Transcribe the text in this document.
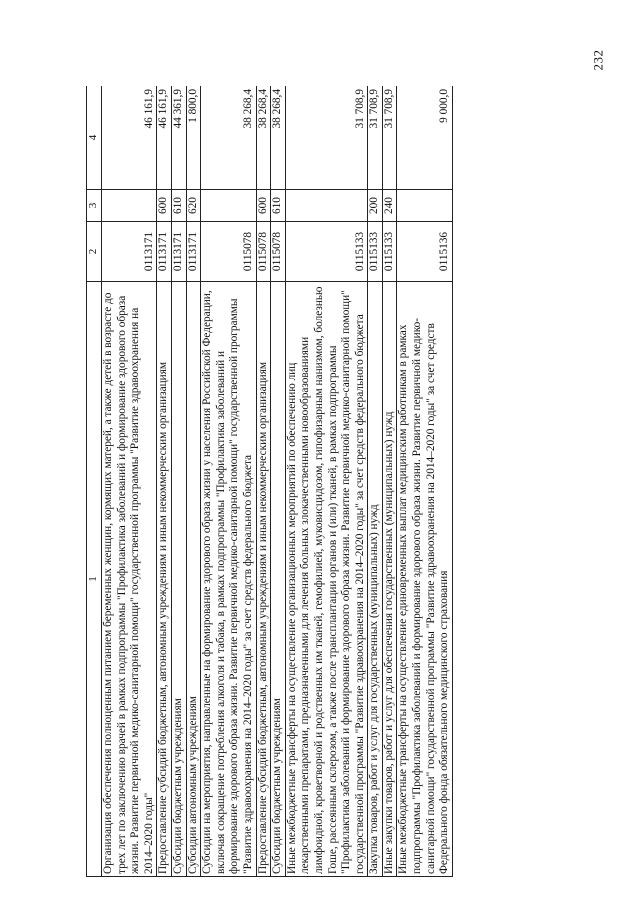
232
1	2	3	4
Организация обеспечения полноценным питанием беременных женщин, кормящих матерей, а также детей в возрасте до трех лет по заключению врачей в рамках подпрограммы "Профилактика заболеваний и формирование здорового образа жизни. Развитие первичной медико-санитарной помощи" государственной программы "Развитие здравоохранения на 2014–2020 годы"	0113171		46 161,9
Предоставление субсидий бюджетным, автономным учреждениям и иным некоммерческим организациям	0113171	600	46 161,9
Субсидии бюджетным учреждениям	0113171	610	44 361,9
Субсидии автономным учреждениям	0113171	620	1 800,0
Субсидии на мероприятия, направленные на формирование здорового образа жизни у населения Российской Федерации, включая сокращение потребления алкоголя и табака, в рамках подпрограммы "Профилактика заболеваний и формирование здорового образа жизни. Развитие первичной медико-санитарной помощи" государственной программы "Развитие здравоохранения на 2014–2020 годы" за счет средств федерального бюджета	0115078		38 268,4
Предоставление субсидий бюджетным, автономным учреждениям и иным некоммерческим организациям	0115078	600	38 268,4
Субсидии бюджетным учреждениям	0115078	610	38 268,4
Иные межбюджетные трансферты на осуществление организационных мероприятий по обеспечению лиц лекарственными препаратами, предназначенными для лечения больных злокачественными новообразованиями лимфоидной, кроветворной и родственных им тканей, гемофилией, муковисцидозом, гипофизарным нанизмом, болезнью Гоше, рассеянным склерозом, а также после трансплантации органов и (или) тканей, в рамках подпрограммы "Профилактика заболеваний и формирование здорового образа жизни. Развитие первичной медико-санитарной помощи" государственной программы "Развитие здравоохранения на 2014–2020 годы" за счет средств федерального бюджета	0115133		31 708,9
Закупка товаров, работ и услуг для государственных (муниципальных) нужд	0115133	200	31 708,9
Иные закупки товаров, работ и услуг для обеспечения государственных (муниципальных) нужд	0115133	240	31 708,9
Иные межбюджетные трансферты на осуществление единовременных выплат медицинским работникам в рамках подпрограммы "Профилактика заболеваний и формирование здорового образа жизни. Развитие первичной медико-санитарной помощи" государственной программы "Развитие здравоохранения на 2014–2020 годы" за счет средств Федерального фонда обязательного медицинского страхования	0115136		9 000,0
